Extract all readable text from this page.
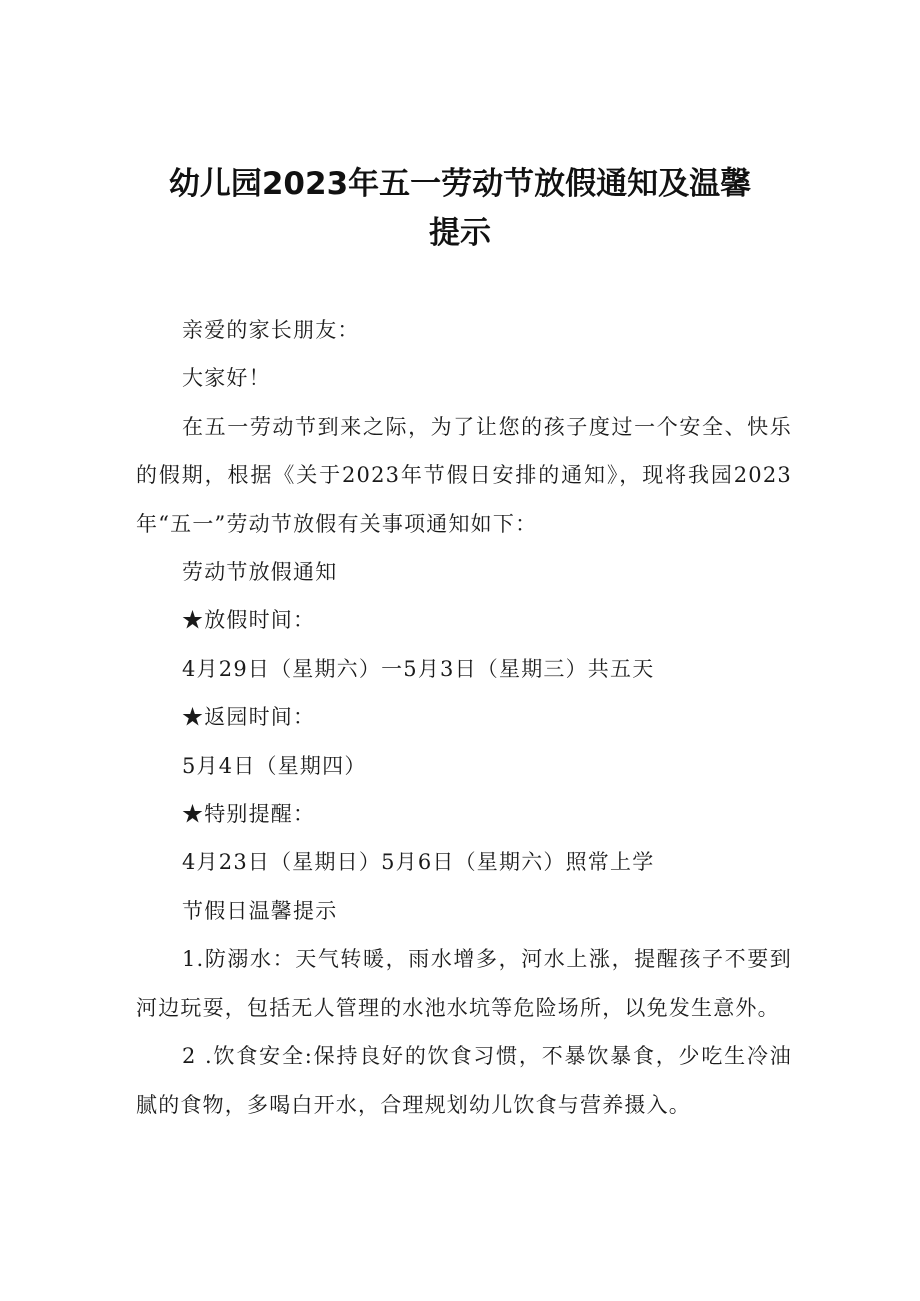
幼儿园2023年五一劳动节放假通知及温馨
提示

亲爱的家长朋友：

大家好！

在五一劳动节到来之际，为了让您的孩子度过一个安全、快乐的假期，根据《关于2023年节假日安排的通知》，现将我园2023年“五一”劳动节放假有关事项通知如下：

劳动节放假通知

★放假时间：

4月29日（星期六）一5月3日（星期三）共五天

★返园时间：

5月4日（星期四）

★特别提醒：

4月23日（星期日）5月6日（星期六）照常上学

节假日温馨提示

1.防溺水：天气转暖，雨水增多，河水上涨，提醒孩子不要到河边玩耍，包括无人管理的水池水坑等危险场所，以免发生意外。

2 .饮食安全:保持良好的饮食习惯，不暴饮暴食，少吃生冷油腻的食物，多喝白开水，合理规划幼儿饮食与营养摄入。
